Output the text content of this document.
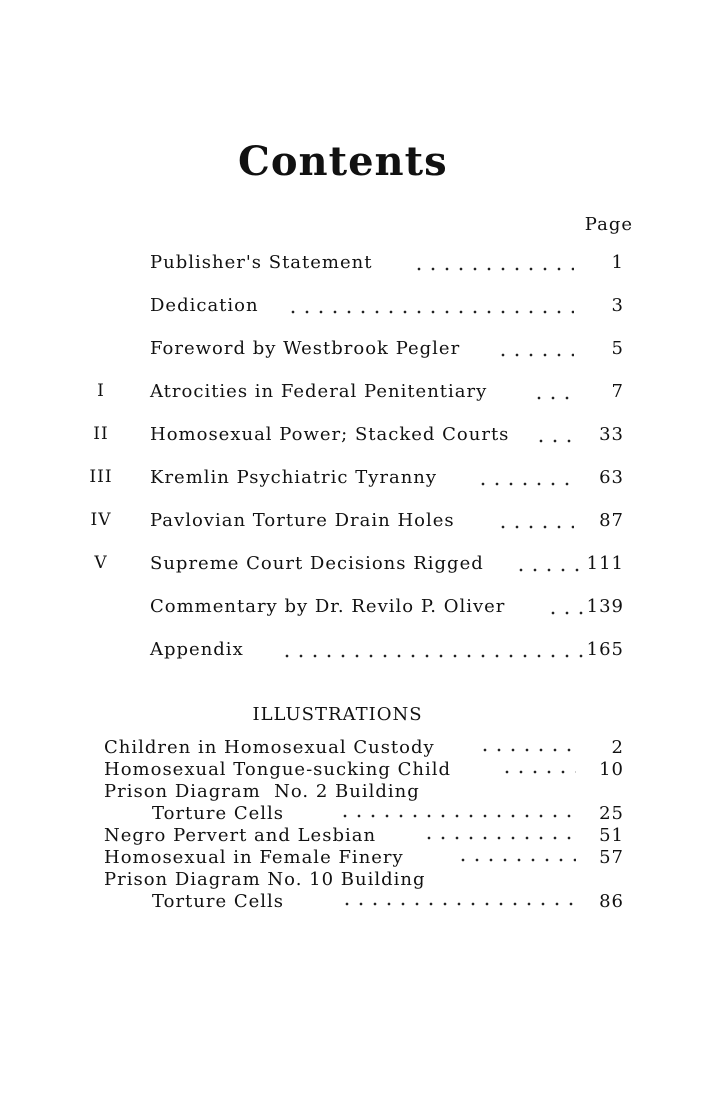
Contents
Page
Publisher's Statement	1
Dedication	3
Foreword by Westbrook Pegler	5
I	Atrocities in Federal Penitentiary	7
II	Homosexual Power; Stacked Courts	33
III	Kremlin Psychiatric Tyranny	63
IV	Pavlovian Torture Drain Holes	87
V	Supreme Court Decisions Rigged	111
Commentary by Dr. Revilo P. Oliver	139
Appendix	165
ILLUSTRATIONS
Children in Homosexual Custody	2
Homosexual Tongue-sucking Child	10
Prison Diagram  No. 2 Building
Torture Cells	25
Negro Pervert and Lesbian	51
Homosexual in Female Finery	57
Prison Diagram No. 10 Building
Torture Cells	86
